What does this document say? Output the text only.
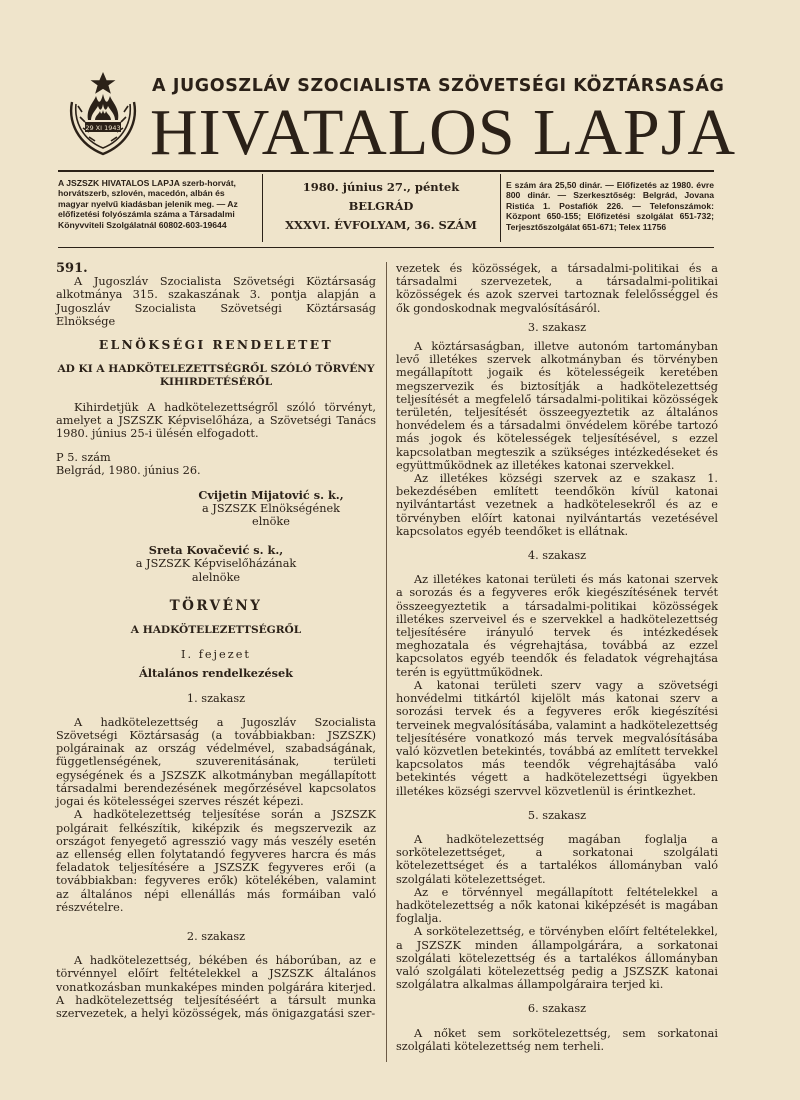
29 XI 1943
A JUGOSZLÁV SZOCIALISTA SZÖVETSÉGI KÖZTÁRSASÁG
HIVATALOS LAPJA
A JSZSZK HIVATALOS LAPJA szerb-horvát, horvátszerb, szlovén, macedón, albán és magyar nyelvű kiadásban jelenik meg. — Az előfizetési folyószámla száma a Társadalmi Könyvviteli Szolgálatnál 60802-603-19644
1980. június 27., péntek
BELGRÁD
XXXVI. ÉVFOLYAM, 36. SZÁM
E szám ára 25,50 dinár. — Előfizetés az 1980. évre 800 dinár. — Szerkesztőség: Belgrád, Jovana Ristića 1. Postafiók 226. — Telefonszámok: Központ 650-155; Előfizetési szolgálat 651-732; Terjesztőszolgálat 651-671; Telex 11756

591.

A Jugoszláv Szocialista Szövetségi Köztársaság alkotmánya 315. szakaszának 3. pontja alapján a Jugoszláv Szocialista Szövetségi Köztársaság Elnöksége

ELNÖKSÉGI RENDELETET

AD KI A HADKÖTELEZETTSÉGRŐL SZÓLÓ TÖRVÉNY KIHIRDETÉSÉRŐL

Kihirdetjük A hadkötelezettségről szóló törvényt, amelyet a JSZSZK Képviselőháza, a Szövetségi Tanács 1980. június 25-i ülésén elfogadott.

P 5. szám

Belgrád, 1980. június 26.

Cvijetin Mijatović s. k.,

a JSZSZK Elnökségének

elnöke

Sreta Kovačević s. k.,

a JSZSZK Képviselőházának

alelnöke

TÖRVÉNY

A HADKÖTELEZETTSÉGRŐL

I. fejezet

Általános rendelkezések

1. szakasz

A hadkötelezettség a Jugoszláv Szocialista Szövetségi Köztársaság (a továbbiakban: JSZSZK) polgárainak az ország védelmével, szabadságának, függetlenségének, szuverenitásának, területi egységének és a JSZSZK alkotmányban megállapított társadalmi berendezésének megőrzésével kapcsolatos jogai és kötelességei szerves részét képezi.

A hadkötelezettség teljesítése során a JSZSZK polgárait felkészítik, kiképzik és megszervezik az országot fenyegető agresszió vagy más veszély esetén az ellenség ellen folytatandó fegyveres harcra és más feladatok teljesítésére a JSZSZK fegyveres erői (a továbbiakban: fegyveres erők) kötelékében, valamint az általános népi ellenállás más formáiban való részvételre.

2. szakasz

A hadkötelezettség, békében és háborúban, az e törvénnyel előírt feltételekkel a JSZSZK általános vonatkozásban munkaképes minden polgárára kiterjed. A hadkötelezettség teljesítéséért a társult munka szervezetek, a helyi közösségek, más önigazgatási szer-

vezetek és közösségek, a társadalmi-politikai és a társadalmi szervezetek, a társadalmi-politikai közösségek és azok szervei tartoznak felelősséggel és ők gondoskodnak megvalósításáról.

3. szakasz

A köztársaságban, illetve autonóm tartományban levő illetékes szervek alkotmányban és törvényben megállapított jogaik és kötelességeik keretében megszervezik és biztosítják a hadkötelezettség teljesítését a megfelelő társadalmi-politikai közösségek területén, teljesítését összeegyeztetik az általános honvédelem és a társadalmi önvédelem körébe tartozó más jogok és kötelességek teljesítésével, s ezzel kapcsolatban megteszik a szükséges intézkedéseket és együttműködnek az illetékes katonai szervekkel.

Az illetékes községi szervek az e szakasz 1. bekezdésében említett teendőkön kívül katonai nyilvántartást vezetnek a hadkötelesekről és az e törvényben előírt katonai nyilvántartás vezetésével kapcsolatos egyéb teendőket is ellátnak.

4. szakasz

Az illetékes katonai területi és más katonai szervek a sorozás és a fegyveres erők kiegészítésének tervét összeegyeztetik a társadalmi-politikai közösségek illetékes szerveivel és e szervekkel a hadkötelezettség teljesítésére irányuló tervek és intézkedések meghozatala és végrehajtása, továbbá az ezzel kapcsolatos egyéb teendők és feladatok végrehajtása terén is együttműködnek.

A katonai területi szerv vagy a szövetségi honvédelmi titkártól kijelölt más katonai szerv a sorozási tervek és a fegyveres erők kiegészítési terveinek megvalósításába, valamint a hadkötelezettség teljesítésére vonatkozó más tervek megvalósításába való közvetlen betekintés, továbbá az említett tervekkel kapcsolatos más teendők végrehajtásába való betekintés végett a hadkötelezettségi ügyekben illetékes községi szervvel közvetlenül is érintkezhet.

5. szakasz

A hadkötelezettség magában foglalja a sorkötelezettséget, a sorkatonai szolgálati kötelezettséget és a tartalékos állományban való szolgálati kötelezettséget.

Az e törvénnyel megállapított feltételekkel a hadkötelezettség a nők katonai kiképzését is magában foglalja.

A sorkötelezettség, e törvényben előírt feltételekkel, a JSZSZK minden állampolgárára, a sorkatonai szolgálati kötelezettség és a tartalékos állományban való szolgálati kötelezettség pedig a JSZSZK katonai szolgálatra alkalmas állampolgáraira terjed ki.

6. szakasz

A nőket sem sorkötelezettség, sem sorkatonai szolgálati kötelezettség nem terheli.
